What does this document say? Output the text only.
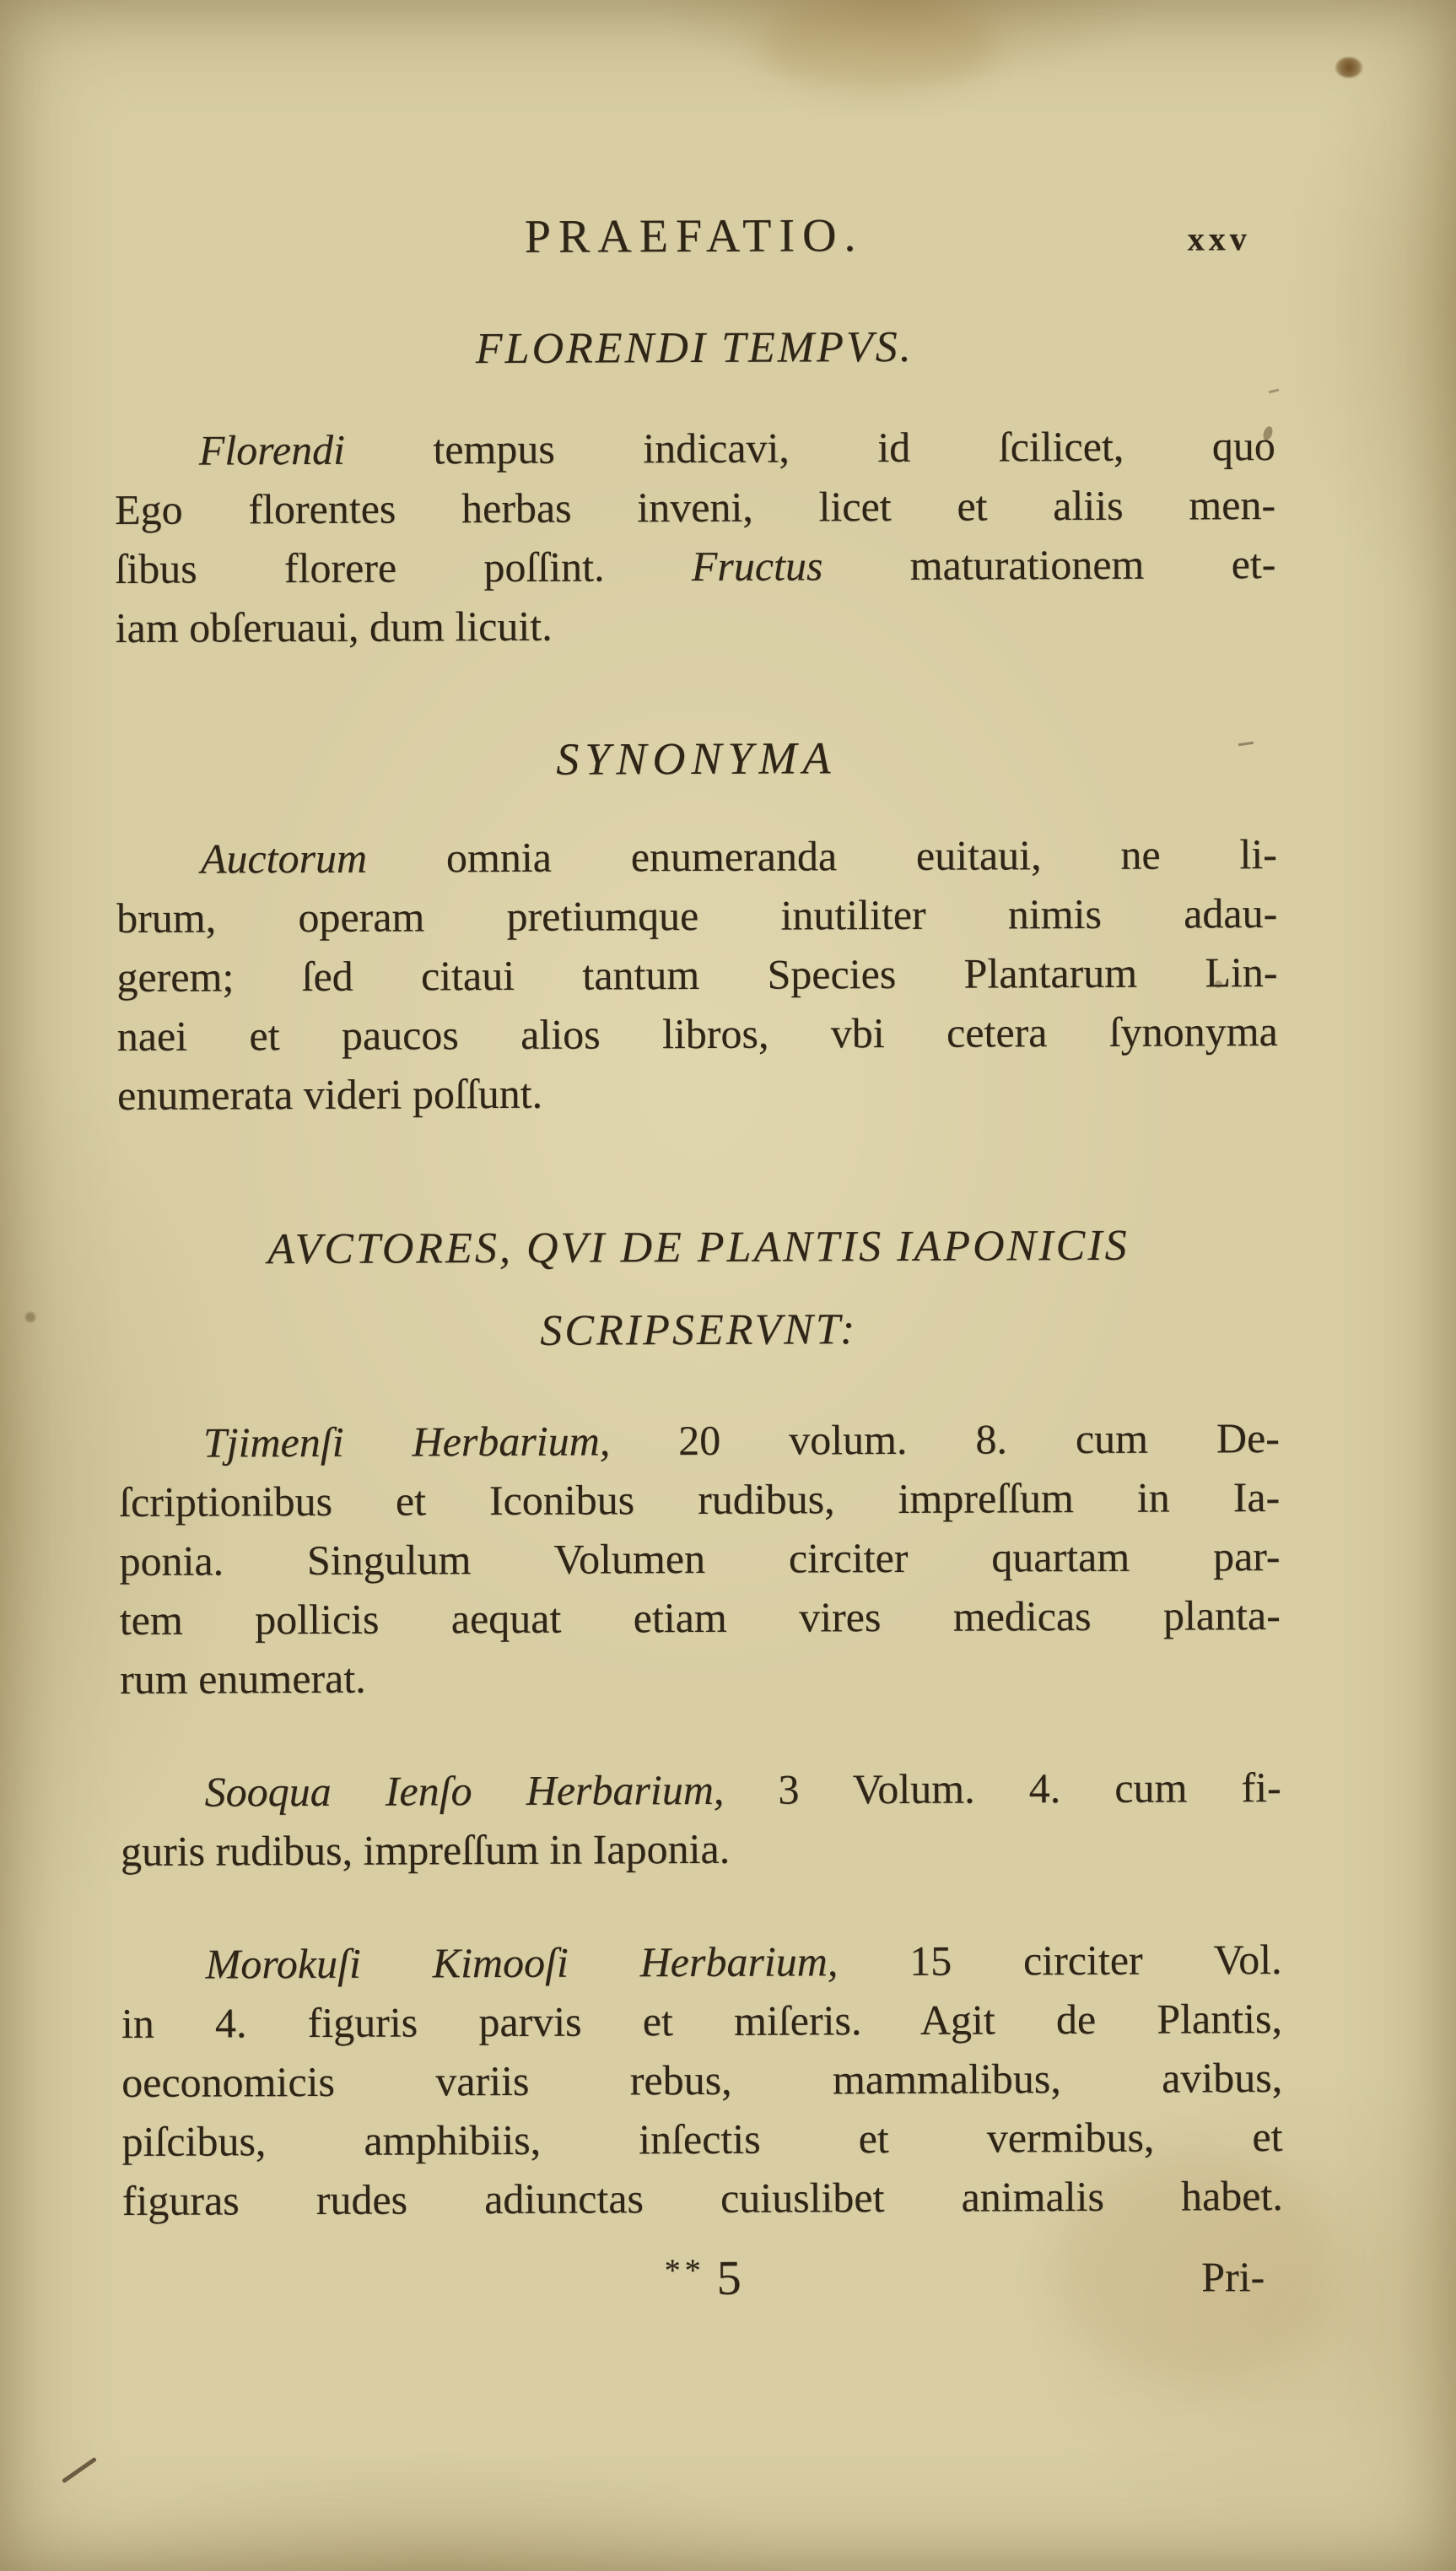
PRAEFATIO.	xxv
FLORENDI TEMPVS.
Florendi tempus indicavi, id ſcilicet, quo
Ego florentes herbas inveni, licet et aliis men-
ſibus florere poſſint. Fructus maturationem et-
iam obſeruaui, dum licuit.
SYNONYMA
Auctorum omnia enumeranda euitaui, ne li-
brum, operam pretiumque inutiliter nimis adau-
gerem; ſed citaui tantum Species Plantarum Lin-
naei et paucos alios libros, vbi cetera ſynonyma
enumerata videri poſſunt.
AVCTORES, QVI DE PLANTIS IAPONICIS
SCRIPSERVNT:
Tjimenſi Herbarium, 20 volum. 8. cum De-
ſcriptionibus et Iconibus rudibus, impreſſum in Ia-
ponia. Singulum Volumen circiter quartam par-
tem pollicis aequat etiam vires medicas planta-
rum enumerat.
Sooqua Ienſo Herbarium, 3 Volum. 4. cum fi-
guris rudibus, impreſſum in Iaponia.
Morokuſi Kimooſi Herbarium, 15 circiter Vol.
in 4. figuris parvis et miſeris. Agit de Plantis,
oeconomicis variis rebus, mammalibus, avibus,
piſcibus, amphibiis, inſectis et vermibus, et
figuras rudes adiunctas cuiuslibet animalis habet.
** 5	Pri-
